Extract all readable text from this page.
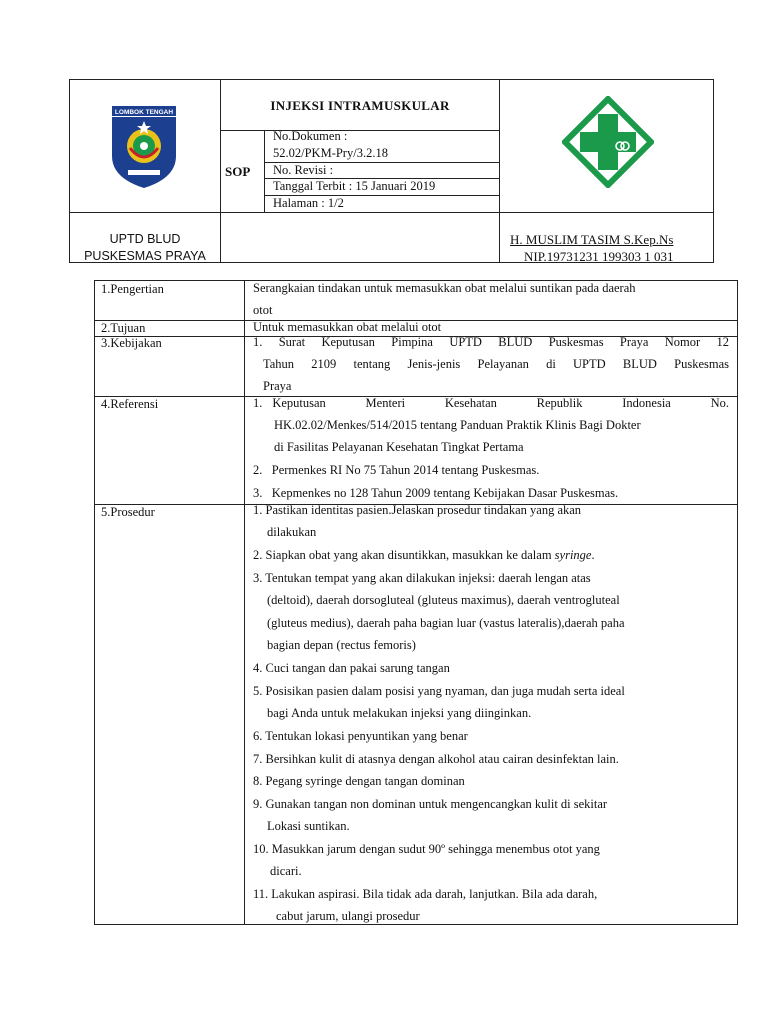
LOMBOK TENGAH	INJEKSI INTRAMUSKULAR
SOP
No.Dokumen :
52.02/PKM-Pry/3.2.18
No. Revisi :
Tanggal Terbit : 15 Januari 2019
Halaman : 1/2
UPTD BLUD
PUSKESMAS PRAYA
H. MUSLIM TASIM S.Kep.Ns
NIP.19731231 199303 1 031
1.Pengertian
2.Tujuan
3.Kebijakan
4.Referensi
5.Prosedur
Serangkaian tindakan untuk memasukkan obat melalui suntikan pada daerah
otot
Untuk memasukkan obat melalui otot
1.  Surat  Keputusan  Pimpina  UPTD  BLUD  Puskesmas  Praya  Nomor  12
Tahun  2109  tentang  Jenis-jenis  Pelayanan  di  UPTD  BLUD  Puskesmas
Praya
1.  Keputusan        Menteri        Kesehatan        Republik        Indonesia        No.
HK.02.02/Menkes/514/2015 tentang Panduan Praktik Klinis Bagi Dokter
di Fasilitas Pelayanan Kesehatan Tingkat Pertama
2.   Permenkes RI No 75 Tahun 2014 tentang Puskesmas.
3.   Kepmenkes no 128 Tahun 2009 tentang Kebijakan Dasar Puskesmas.
1. Pastikan identitas pasien.Jelaskan prosedur tindakan yang akan
dilakukan
2. Siapkan obat yang akan disuntikkan, masukkan ke dalam syringe.
3. Tentukan tempat yang akan dilakukan injeksi: daerah lengan atas
(deltoid), daerah dorsogluteal (gluteus maximus), daerah ventrogluteal
(gluteus medius), daerah paha bagian luar (vastus lateralis),daerah paha
bagian depan (rectus femoris)
4. Cuci tangan dan pakai sarung tangan
5. Posisikan pasien dalam posisi yang nyaman, dan juga mudah serta ideal
bagi Anda untuk melakukan injeksi yang diinginkan.
6. Tentukan lokasi penyuntikan yang benar
7. Bersihkan kulit di atasnya dengan alkohol atau cairan desinfektan lain.
8. Pegang syringe dengan tangan dominan
9. Gunakan tangan non dominan untuk mengencangkan kulit di sekitar
Lokasi suntikan.
10. Masukkan jarum dengan sudut 90º sehingga menembus otot yang
dicari.
11. Lakukan aspirasi. Bila tidak ada darah, lanjutkan. Bila ada darah,
cabut jarum, ulangi prosedur
